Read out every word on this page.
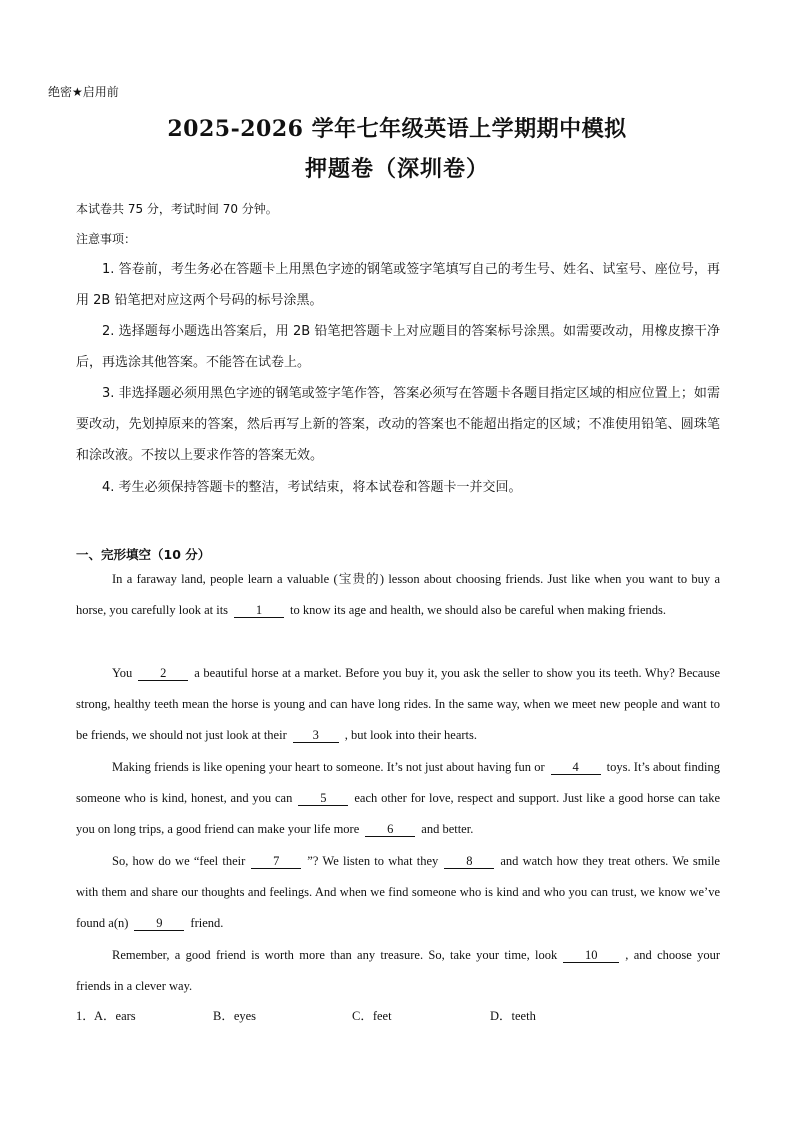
绝密★启用前
2025-2026 学年七年级英语上学期期中模拟
押题卷（深圳卷）
本试卷共 75 分，考试时间 70 分钟。
注意事项：
1. 答卷前，考生务必在答题卡上用黑色字迹的钢笔或签字笔填写自己的考生号、姓名、试室号、座位号，再用 2B 铅笔把对应这两个号码的标号涂黑。
2. 选择题每小题选出答案后，用 2B 铅笔把答题卡上对应题目的答案标号涂黑。如需要改动，用橡皮擦干净后，再选涂其他答案。不能答在试卷上。
3. 非选择题必须用黑色字迹的钢笔或签字笔作答，答案必须写在答题卡各题目指定区域的相应位置上；如需要改动，先划掉原来的答案，然后再写上新的答案，改动的答案也不能超出指定的区域；不准使用铅笔、圆珠笔和涂改液。不按以上要求作答的答案无效。
4. 考生必须保持答题卡的整洁，考试结束，将本试卷和答题卡一并交回。
一、完形填空（10 分）
In a faraway land, people learn a valuable (宝贵的) lesson about choosing friends. Just like when you want to buy a horse, you carefully look at its 1 to know its age and health, we should also be careful when making friends.
You 2 a beautiful horse at a market. Before you buy it, you ask the seller to show you its teeth. Why? Because strong, healthy teeth mean the horse is young and can have long rides. In the same way, when we meet new people and want to be friends, we should not just look at their 3 , but look into their hearts.
Making friends is like opening your heart to someone. It’s not just about having fun or 4 toys. It’s about finding someone who is kind, honest, and you can 5 each other for love, respect and support. Just like a good horse can take you on long trips, a good friend can make your life more 6 and better.
So, how do we “feel their 7 ”? We listen to what they 8 and watch how they treat others. We smile with them and share our thoughts and feelings. And when we find someone who is kind and who you can trust, we know we’ve found a(n) 9 friend.
Remember, a good friend is worth more than any treasure. So, take your time, look 10 , and choose your friends in a clever way.
1． A．ears	B．eyes	C．feet	D．teeth
